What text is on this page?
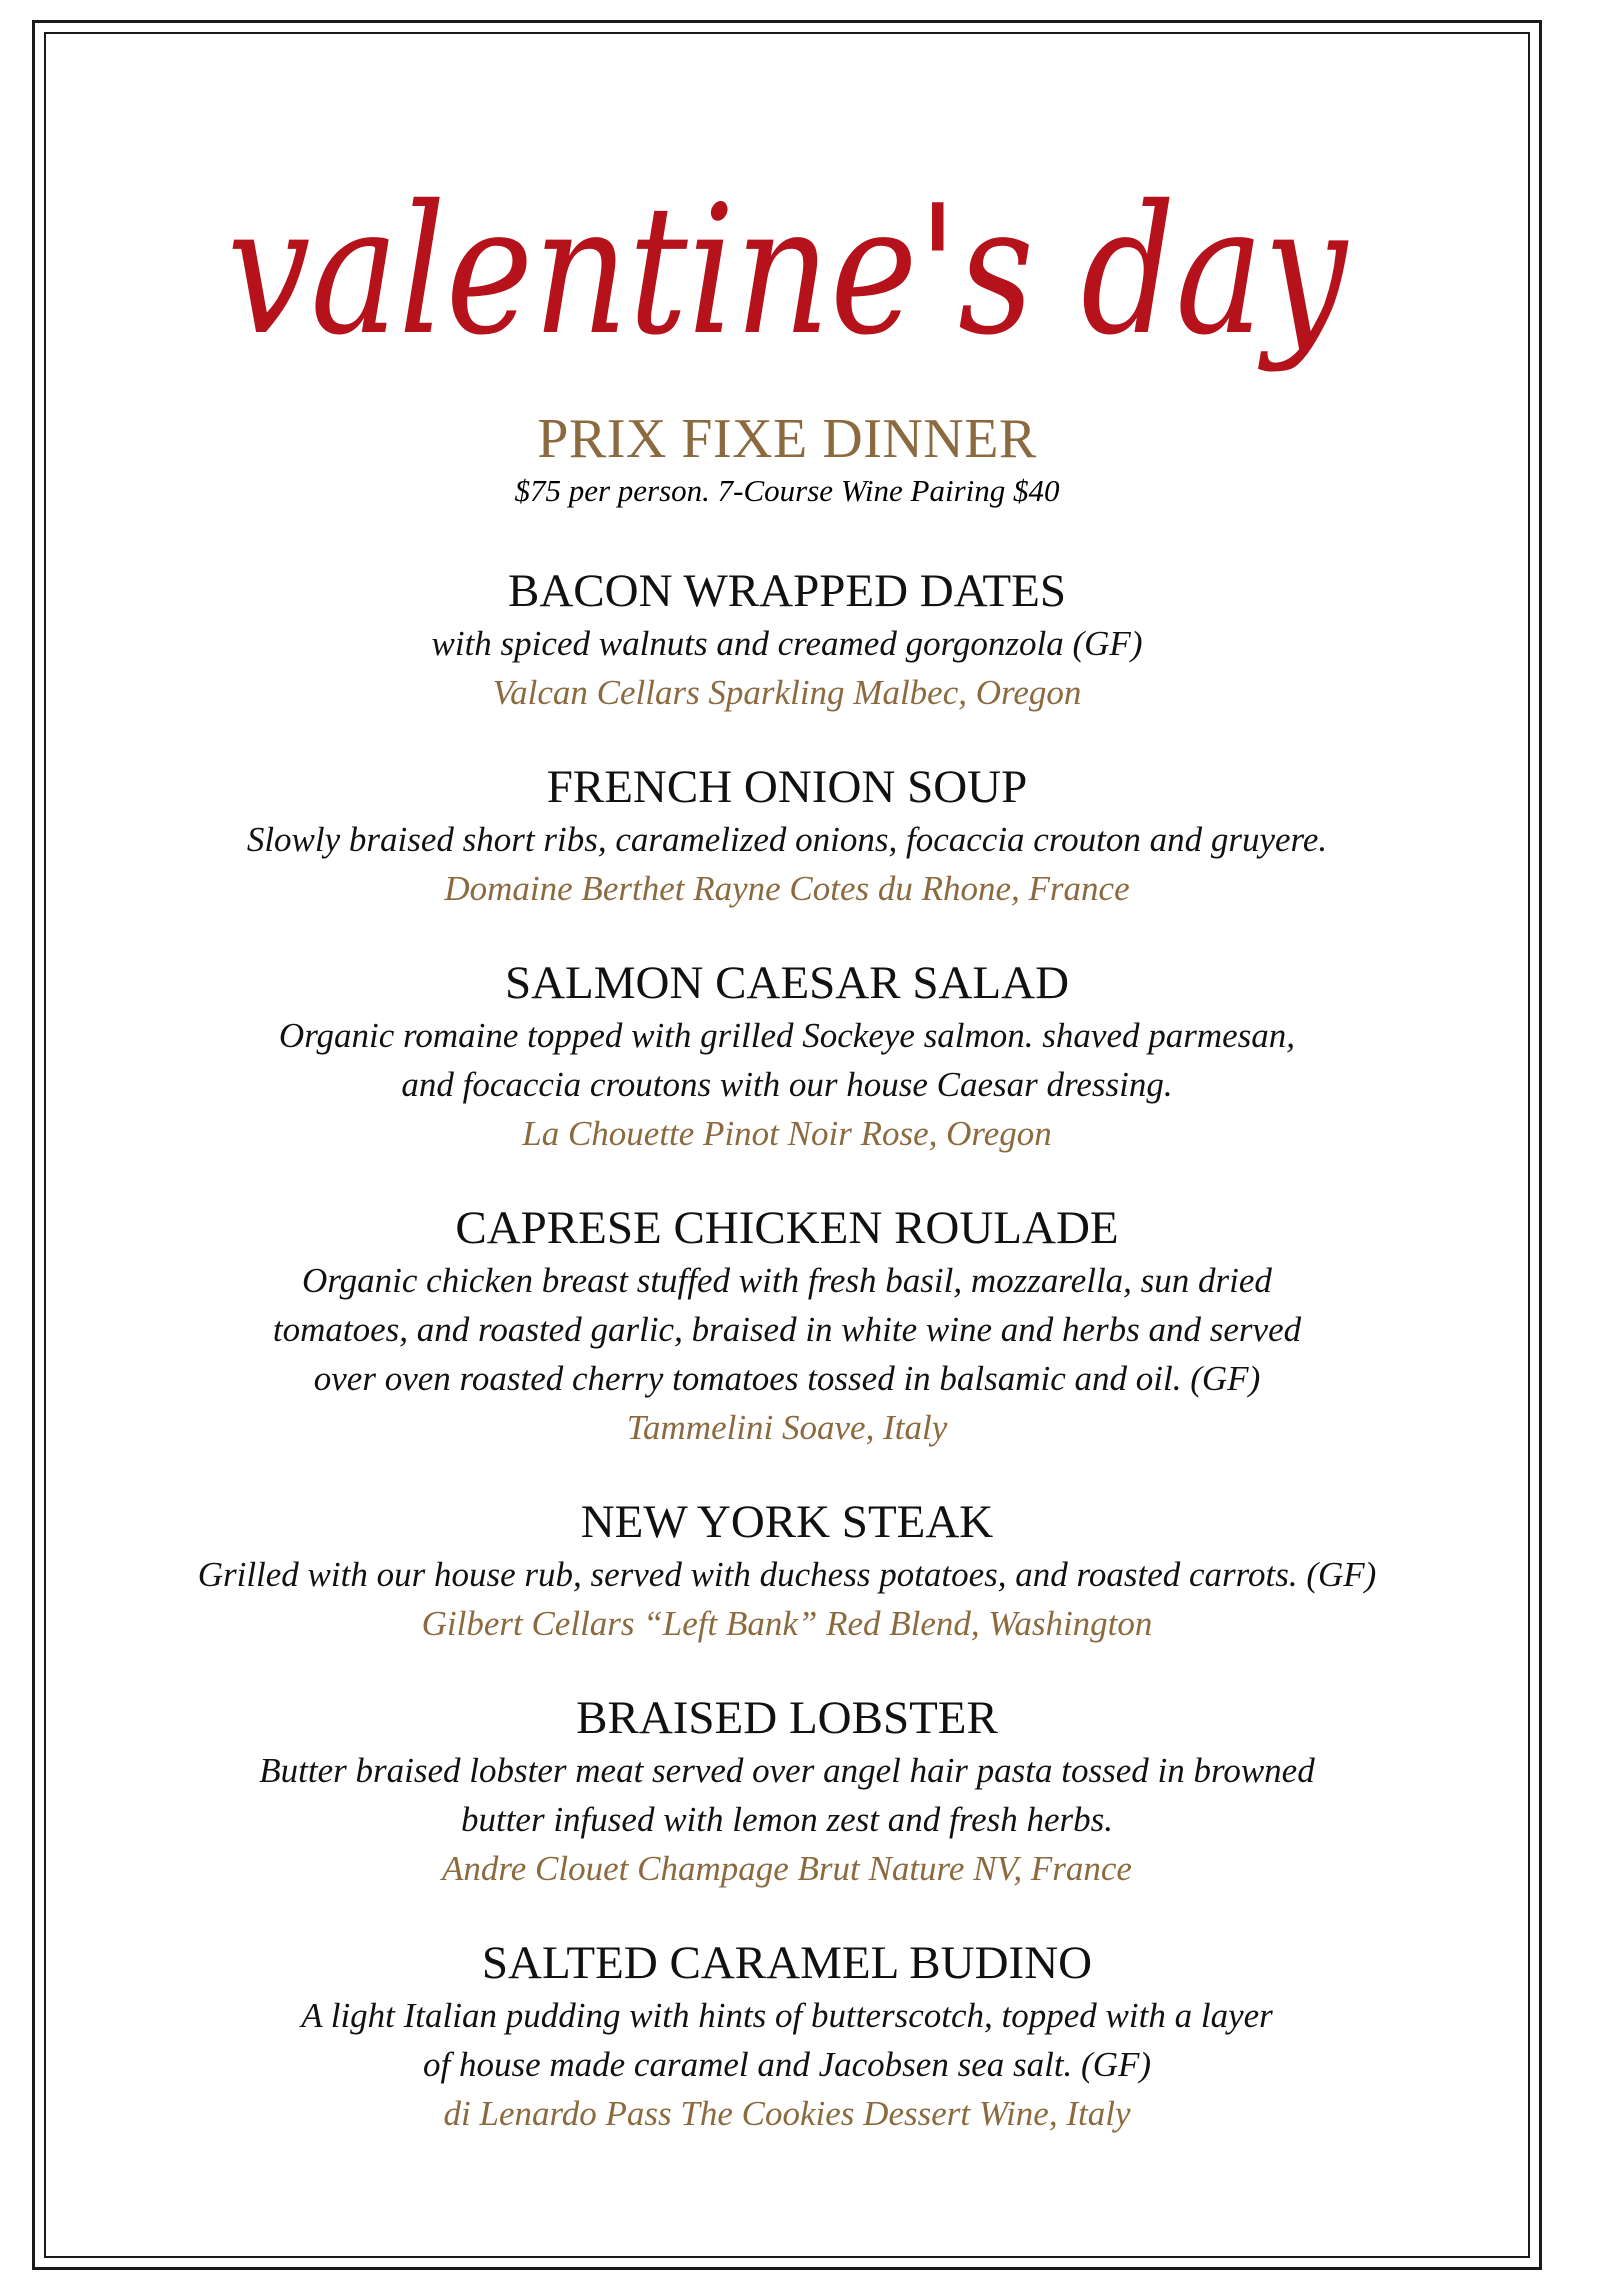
valentine's day
PRIX FIXE DINNER
$75 per person. 7-Course Wine Pairing $40
BACON WRAPPED DATES
with spiced walnuts and creamed gorgonzola (GF)
Valcan Cellars Sparkling Malbec, Oregon
FRENCH ONION SOUP
Slowly braised short ribs, caramelized onions, focaccia crouton and gruyere.
Domaine Berthet Rayne Cotes du Rhone, France
SALMON CAESAR SALAD
Organic romaine topped with grilled Sockeye salmon. shaved parmesan,
and focaccia croutons with our house Caesar dressing.
La Chouette Pinot Noir Rose, Oregon
CAPRESE CHICKEN ROULADE
Organic chicken breast stuffed with fresh basil, mozzarella, sun dried
tomatoes, and roasted garlic, braised in white wine and herbs and served
over oven roasted cherry tomatoes tossed in balsamic and oil. (GF)
Tammelini Soave, Italy
NEW YORK STEAK
Grilled with our house rub, served with duchess potatoes, and roasted carrots. (GF)
Gilbert Cellars “Left Bank” Red Blend, Washington
BRAISED LOBSTER
Butter braised lobster meat served over angel hair pasta tossed in browned
butter infused with lemon zest and fresh herbs.
Andre Clouet Champage Brut Nature NV, France
SALTED CARAMEL BUDINO
A light Italian pudding with hints of butterscotch, topped with a layer
of house made caramel and Jacobsen sea salt. (GF)
di Lenardo Pass The Cookies Dessert Wine, Italy
